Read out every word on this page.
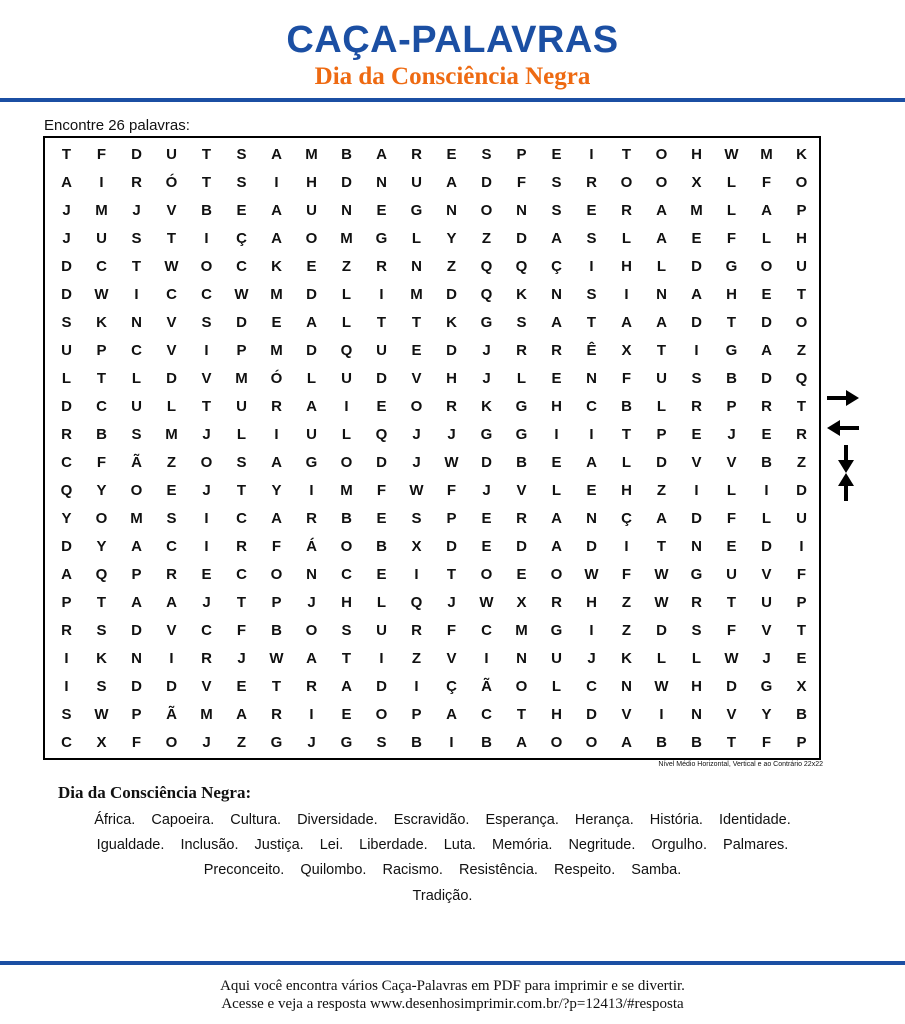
CAÇA-PALAVRAS
Dia da Consciência Negra
Encontre 26 palavras:
T	F	D	U	T	S	A	M	B	A	R	E	S	P	E	I	T	O	H	W	M	K
A	I	R	Ó	T	S	I	H	D	N	U	A	D	F	S	R	O	O	X	L	F	O
J	M	J	V	B	E	A	U	N	E	G	N	O	N	S	E	R	A	M	L	A	P
J	U	S	T	I	Ç	A	O	M	G	L	Y	Z	D	A	S	L	A	E	F	L	H
D	C	T	W	O	C	K	E	Z	R	N	Z	Q	Q	Ç	I	H	L	D	G	O	U
D	W	I	C	C	W	M	D	L	I	M	D	Q	K	N	S	I	N	A	H	E	T
S	K	N	V	S	D	E	A	L	T	T	K	G	S	A	T	A	A	D	T	D	O
U	P	C	V	I	P	M	D	Q	U	E	D	J	R	R	Ê	X	T	I	G	A	Z
L	T	L	D	V	M	Ó	L	U	D	V	H	J	L	E	N	F	U	S	B	D	Q
D	C	U	L	T	U	R	A	I	E	O	R	K	G	H	C	B	L	R	P	R	T
R	B	S	M	J	L	I	U	L	Q	J	J	G	G	I	I	T	P	E	J	E	R
C	F	Ã	Z	O	S	A	G	O	D	J	W	D	B	E	A	L	D	V	V	B	Z
Q	Y	O	E	J	T	Y	I	M	F	W	F	J	V	L	E	H	Z	I	L	I	D
Y	O	M	S	I	C	A	R	B	E	S	P	E	R	A	N	Ç	A	D	F	L	U
D	Y	A	C	I	R	F	Á	O	B	X	D	E	D	A	D	I	T	N	E	D	I
A	Q	P	R	E	C	O	N	C	E	I	T	O	E	O	W	F	W	G	U	V	F
P	T	A	A	J	T	P	J	H	L	Q	J	W	X	R	H	Z	W	R	T	U	P
R	S	D	V	C	F	B	O	S	U	R	F	C	M	G	I	Z	D	S	F	V	T
I	K	N	I	R	J	W	A	T	I	Z	V	I	N	U	J	K	L	L	W	J	E
I	S	D	D	V	E	T	R	A	D	I	Ç	Ã	O	L	C	N	W	H	D	G	X
S	W	P	Ã	M	A	R	I	E	O	P	A	C	T	H	D	V	I	N	V	Y	B
C	X	F	O	J	Z	G	J	G	S	B	I	B	A	O	O	A	B	B	T	F	P
Nível Médio Horizontal, Vertical e ao Contrário 22x22
Dia da Consciência Negra:
África. Capoeira. Cultura. Diversidade. Escravidão. Esperança. Herança. História. Identidade. Igualdade. Inclusão. Justiça. Lei. Liberdade. Luta. Memória. Negritude. Orgulho. Palmares. Preconceito. Quilombo. Racismo. Resistência. Respeito. Samba.
Tradição.
Aqui você encontra vários Caça-Palavras em PDF para imprimir e se divertir.
Acesse e veja a resposta www.desenhosimprimir.com.br/?p=12413/#resposta
